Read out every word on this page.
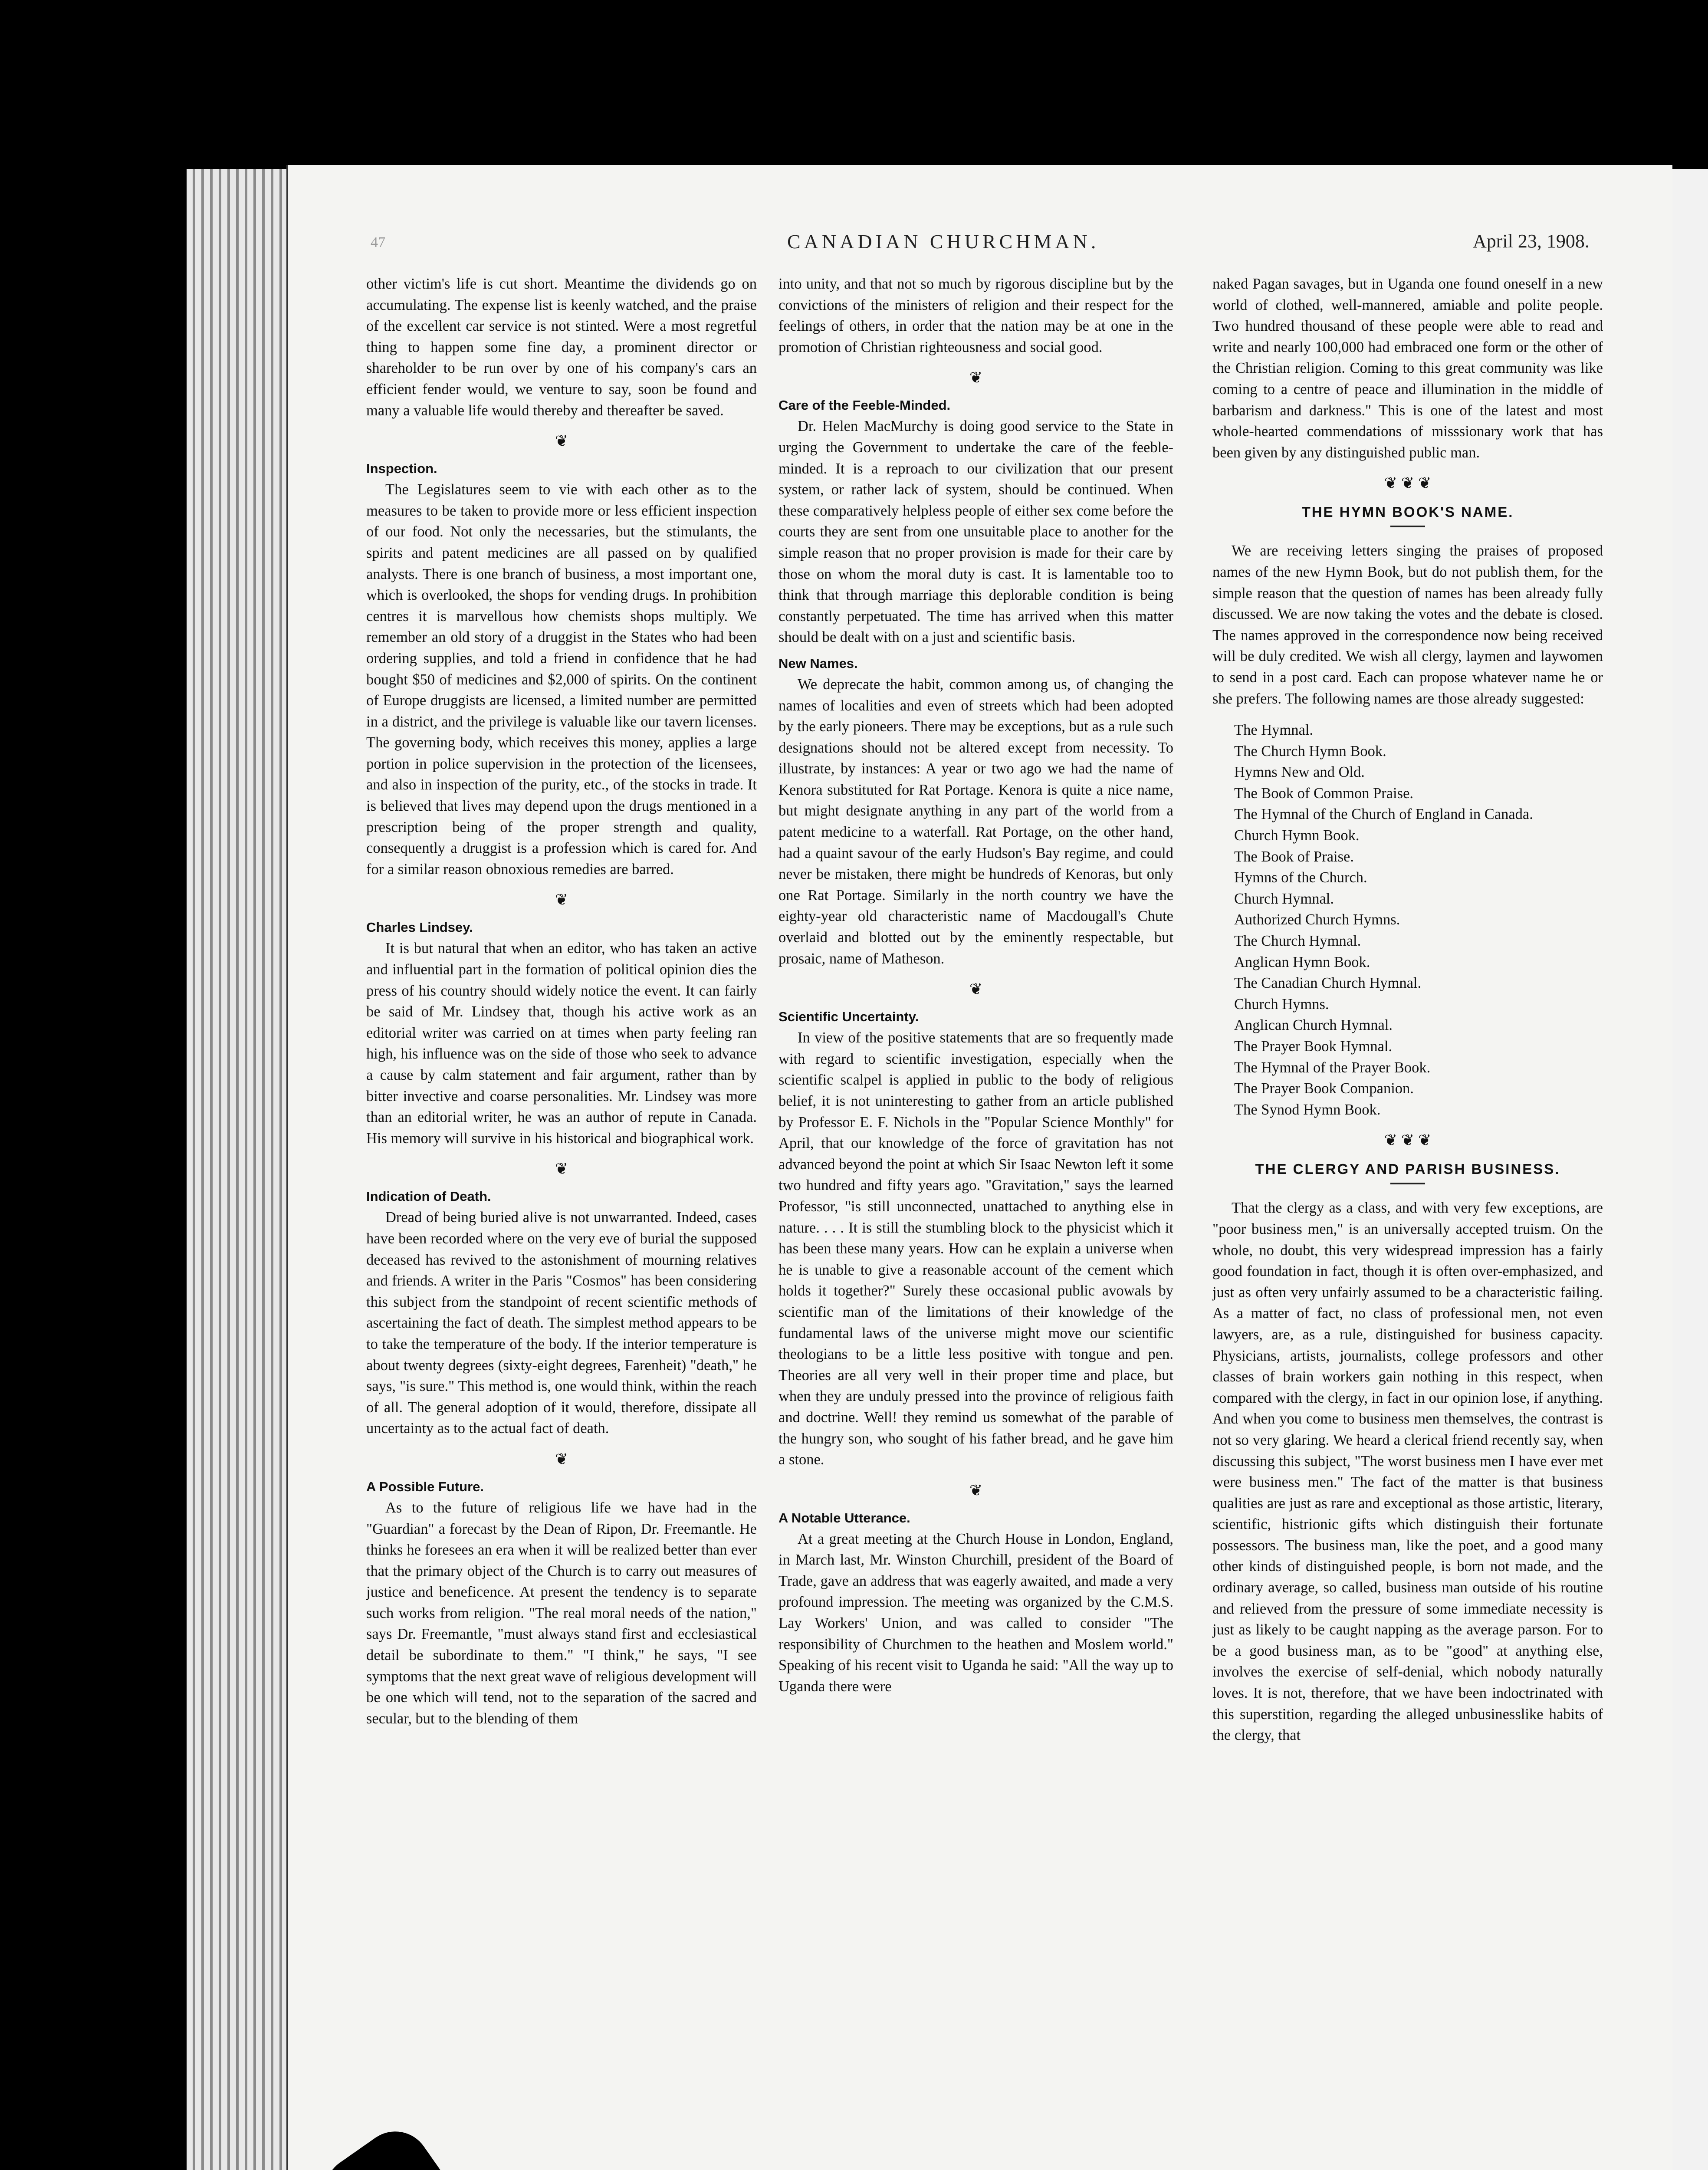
47	CANADIAN CHURCHMAN.	April 23, 1908.

other victim's life is cut short. Meantime the dividends go on accumulating. The expense list is keenly watched, and the praise of the excellent car service is not stinted. Were a most regretful thing to happen some fine day, a prominent director or shareholder to be run over by one of his company's cars an efficient fender would, we venture to say, soon be found and many a valuable life would thereby and thereafter be saved.

❦
Inspection.

The Legislatures seem to vie with each other as to the measures to be taken to provide more or less efficient inspection of our food. Not only the necessaries, but the stimulants, the spirits and patent medicines are all passed on by qualified analysts. There is one branch of business, a most important one, which is overlooked, the shops for vending drugs. In prohibition centres it is marvellous how chemists shops multiply. We remember an old story of a druggist in the States who had been ordering supplies, and told a friend in confidence that he had bought $50 of medicines and $2,000 of spirits. On the continent of Europe druggists are licensed, a limited number are permitted in a district, and the privilege is valuable like our tavern licenses. The governing body, which receives this money, applies a large portion in police supervision in the protection of the licensees, and also in inspection of the purity, etc., of the stocks in trade. It is believed that lives may depend upon the drugs mentioned in a prescription being of the proper strength and quality, consequently a druggist is a profession which is cared for. And for a similar reason obnoxious remedies are barred.

❦
Charles Lindsey.

It is but natural that when an editor, who has taken an active and influential part in the formation of political opinion dies the press of his country should widely notice the event. It can fairly be said of Mr. Lindsey that, though his active work as an editorial writer was carried on at times when party feeling ran high, his influence was on the side of those who seek to advance a cause by calm statement and fair argument, rather than by bitter invective and coarse personalities. Mr. Lindsey was more than an editorial writer, he was an author of repute in Canada. His memory will survive in his historical and biographical work.

❦
Indication of Death.

Dread of being buried alive is not unwarranted. Indeed, cases have been recorded where on the very eve of burial the supposed deceased has revived to the astonishment of mourning relatives and friends. A writer in the Paris "Cosmos" has been considering this subject from the standpoint of recent scientific methods of ascertaining the fact of death. The simplest method appears to be to take the temperature of the body. If the interior temperature is about twenty degrees (sixty-eight degrees, Farenheit) "death," he says, "is sure." This method is, one would think, within the reach of all. The general adoption of it would, therefore, dissipate all uncertainty as to the actual fact of death.

❦
A Possible Future.

As to the future of religious life we have had in the "Guardian" a forecast by the Dean of Ripon, Dr. Freemantle. He thinks he foresees an era when it will be realized better than ever that the primary object of the Church is to carry out measures of justice and beneficence. At present the tendency is to separate such works from religion. "The real moral needs of the nation," says Dr. Freemantle, "must always stand first and ecclesiastical detail be subordinate to them." "I think," he says, "I see symptoms that the next great wave of religious development will be one which will tend, not to the separation of the sacred and secular, but to the blending of them

into unity, and that not so much by rigorous discipline but by the convictions of the ministers of religion and their respect for the feelings of others, in order that the nation may be at one in the promotion of Christian righteousness and social good.

❦
Care of the Feeble-Minded.

Dr. Helen MacMurchy is doing good service to the State in urging the Government to undertake the care of the feeble-minded. It is a reproach to our civilization that our present system, or rather lack of system, should be continued. When these comparatively helpless people of either sex come before the courts they are sent from one unsuitable place to another for the simple reason that no proper provision is made for their care by those on whom the moral duty is cast. It is lamentable too to think that through marriage this deplorable condition is being constantly perpetuated. The time has arrived when this matter should be dealt with on a just and scientific basis.

New Names.

We deprecate the habit, common among us, of changing the names of localities and even of streets which had been adopted by the early pioneers. There may be exceptions, but as a rule such designations should not be altered except from necessity. To illustrate, by instances: A year or two ago we had the name of Kenora substituted for Rat Portage. Kenora is quite a nice name, but might designate anything in any part of the world from a patent medicine to a waterfall. Rat Portage, on the other hand, had a quaint savour of the early Hudson's Bay regime, and could never be mistaken, there might be hundreds of Kenoras, but only one Rat Portage. Similarly in the north country we have the eighty-year old characteristic name of Macdougall's Chute overlaid and blotted out by the eminently respectable, but prosaic, name of Matheson.

❦
Scientific Uncertainty.

In view of the positive statements that are so frequently made with regard to scientific investigation, especially when the scientific scalpel is applied in public to the body of religious belief, it is not uninteresting to gather from an article published by Professor E. F. Nichols in the "Popular Science Monthly" for April, that our knowledge of the force of gravitation has not advanced beyond the point at which Sir Isaac Newton left it some two hundred and fifty years ago. "Gravitation," says the learned Professor, "is still unconnected, unattached to anything else in nature. . . . It is still the stumbling block to the physicist which it has been these many years. How can he explain a universe when he is unable to give a reasonable account of the cement which holds it together?" Surely these occasional public avowals by scientific man of the limitations of their knowledge of the fundamental laws of the universe might move our scientific theologians to be a little less positive with tongue and pen. Theories are all very well in their proper time and place, but when they are unduly pressed into the province of religious faith and doctrine. Well! they remind us somewhat of the parable of the hungry son, who sought of his father bread, and he gave him a stone.

❦
A Notable Utterance.

At a great meeting at the Church House in London, England, in March last, Mr. Winston Churchill, president of the Board of Trade, gave an address that was eagerly awaited, and made a very profound impression. The meeting was organized by the C.M.S. Lay Workers' Union, and was called to consider "The responsibility of Churchmen to the heathen and Moslem world." Speaking of his recent visit to Uganda he said: "All the way up to Uganda there were

naked Pagan savages, but in Uganda one found oneself in a new world of clothed, well-mannered, amiable and polite people. Two hundred thousand of these people were able to read and write and nearly 100,000 had embraced one form or the other of the Christian religion. Coming to this great community was like coming to a centre of peace and illumination in the middle of barbarism and darkness." This is one of the latest and most whole-hearted commendations of misssionary work that has been given by any distinguished public man.

❦ ❦ ❦
THE HYMN BOOK'S NAME.

We are receiving letters singing the praises of proposed names of the new Hymn Book, but do not publish them, for the simple reason that the question of names has been already fully discussed. We are now taking the votes and the debate is closed. The names approved in the correspondence now being received will be duly credited. We wish all clergy, laymen and laywomen to send in a post card. Each can propose whatever name he or she prefers. The following names are those already suggested:

The Hymnal.
The Church Hymn Book.
Hymns New and Old.
The Book of Common Praise.
The Hymnal of the Church of England in Canada.
Church Hymn Book.
The Book of Praise.
Hymns of the Church.
Church Hymnal.
Authorized Church Hymns.
The Church Hymnal.
Anglican Hymn Book.
The Canadian Church Hymnal.
Church Hymns.
Anglican Church Hymnal.
The Prayer Book Hymnal.
The Hymnal of the Prayer Book.
The Prayer Book Companion.
The Synod Hymn Book.
❦ ❦ ❦
THE CLERGY AND PARISH BUSINESS.

That the clergy as a class, and with very few exceptions, are "poor business men," is an universally accepted truism. On the whole, no doubt, this very widespread impression has a fairly good foundation in fact, though it is often over-emphasized, and just as often very unfairly assumed to be a characteristic failing. As a matter of fact, no class of professional men, not even lawyers, are, as a rule, distinguished for business capacity. Physicians, artists, journalists, college professors and other classes of brain workers gain nothing in this respect, when compared with the clergy, in fact in our opinion lose, if anything. And when you come to business men themselves, the contrast is not so very glaring. We heard a clerical friend recently say, when discussing this subject, "The worst business men I have ever met were business men." The fact of the matter is that business qualities are just as rare and exceptional as those artistic, literary, scientific, histrionic gifts which distinguish their fortunate possessors. The business man, like the poet, and a good many other kinds of distinguished people, is born not made, and the ordinary average, so called, business man outside of his routine and relieved from the pressure of some immediate necessity is just as likely to be caught napping as the average parson. For to be a good business man, as to be "good" at anything else, involves the exercise of self-denial, which nobody naturally loves. It is not, therefore, that we have been indoctrinated with this superstition, regarding the alleged unbusinesslike habits of the clergy, that
